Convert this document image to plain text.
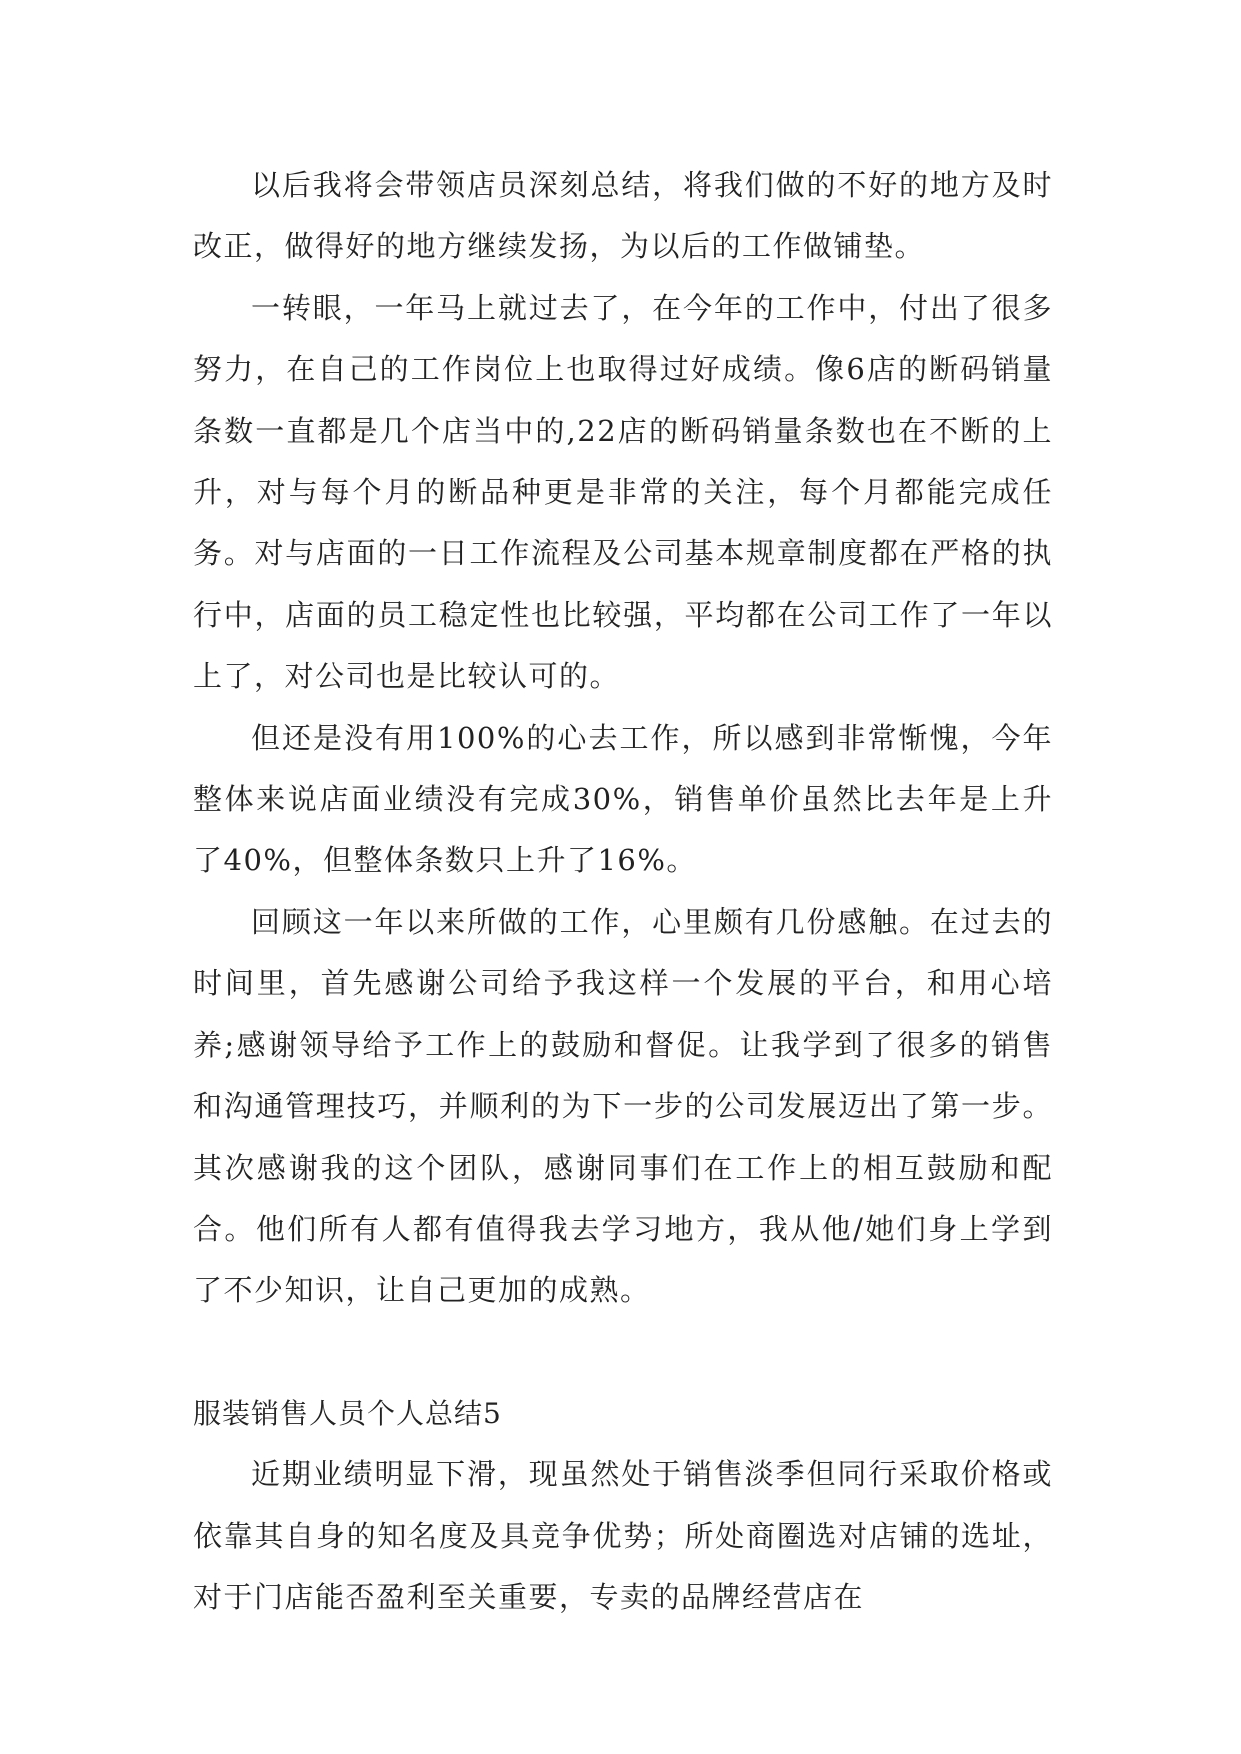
以后我将会带领店员深刻总结，将我们做的不好的地方及时改正，做得好的地方继续发扬，为以后的工作做铺垫。

一转眼，一年马上就过去了，在今年的工作中，付出了很多努力，在自己的工作岗位上也取得过好成绩。像6店的断码销量条数一直都是几个店当中的,22店的断码销量条数也在不断的上升，对与每个月的断品种更是非常的关注，每个月都能完成任务。对与店面的一日工作流程及公司基本规章制度都在严格的执行中，店面的员工稳定性也比较强，平均都在公司工作了一年以上了，对公司也是比较认可的。

但还是没有用100%的心去工作，所以感到非常惭愧，今年整体来说店面业绩没有完成30%，销售单价虽然比去年是上升了40%，但整体条数只上升了16%。

回顾这一年以来所做的工作，心里颇有几份感触。在过去的时间里，首先感谢公司给予我这样一个发展的平台，和用心培养;感谢领导给予工作上的鼓励和督促。让我学到了很多的销售和沟通管理技巧，并顺利的为下一步的公司发展迈出了第一步。其次感谢我的这个团队，感谢同事们在工作上的相互鼓励和配合。他们所有人都有值得我去学习地方，我从他/她们身上学到了不少知识，让自己更加的成熟。

服装销售人员个人总结5

近期业绩明显下滑，现虽然处于销售淡季但同行采取价格或依靠其自身的知名度及具竞争优势；所处商圈选对店铺的选址，对于门店能否盈利至关重要，专卖的品牌经营店在
